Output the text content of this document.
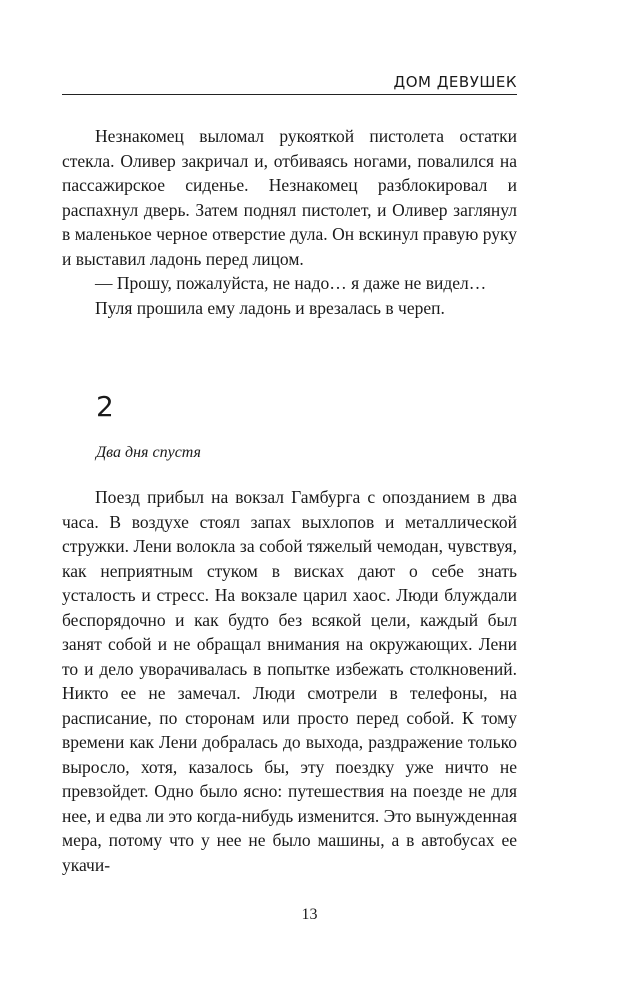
ДОМ ДЕВУШЕК

Незнакомец выломал рукояткой пистолета остатки стекла. Оливер закричал и, отбиваясь ногами, повалился на пассажирское сиденье. Незнакомец разблокировал и распахнул дверь. Затем поднял пистолет, и Оливер заглянул в маленькое черное отверстие дула. Он вскинул правую руку и выставил ладонь перед лицом.

— Прошу, пожалуйста, не надо… я даже не видел…

Пуля прошила ему ладонь и врезалась в череп.

2
Два дня спустя

Поезд прибыл на вокзал Гамбурга с опозданием в два часа. В воздухе стоял запах выхлопов и металлической стружки. Лени волокла за собой тяжелый чемодан, чувствуя, как неприятным стуком в висках дают о себе знать усталость и стресс. На вокзале царил хаос. Люди блуждали беспорядочно и как будто без всякой цели, каждый был занят собой и не обращал внимания на окружающих. Лени то и дело уворачивалась в попытке избежать столкновений. Никто ее не замечал. Люди смотрели в телефоны, на расписание, по сторонам или просто перед собой. К тому времени как Лени добралась до выхода, раздражение только выросло, хотя, казалось бы, эту поездку уже ничто не превзойдет. Одно было ясно: путешествия на поезде не для нее, и едва ли это когда-нибудь изменится. Это вынужденная мера, потому что у нее не было машины, а в автобусах ее укачи-

13
